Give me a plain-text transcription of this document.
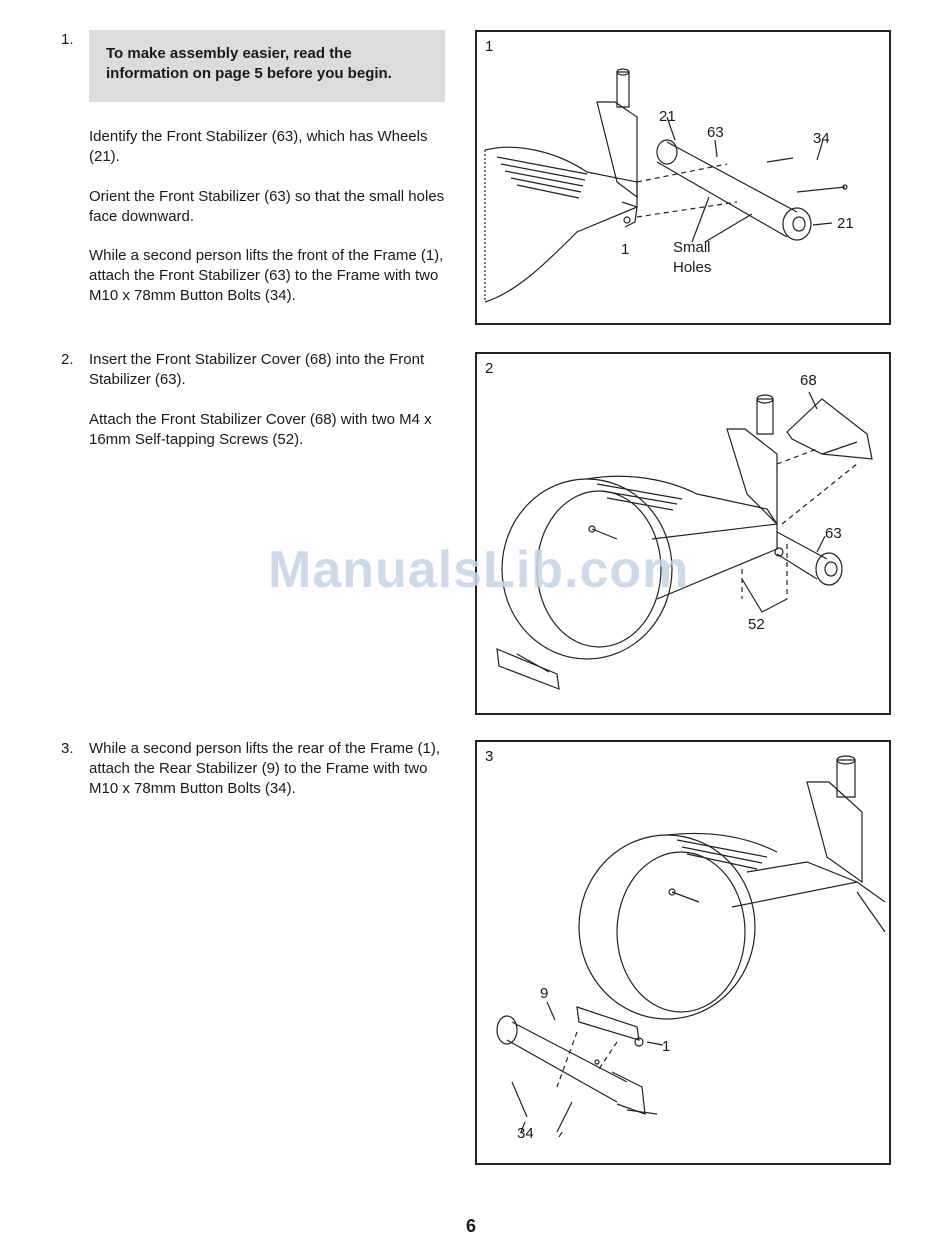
1.
To make assembly easier, read the information on page 5 before you begin.

Identify the Front Stabilizer (63), which has Wheels (21).

Orient the Front Stabilizer (63) so that the small holes face downward.

While a second person lifts the front of the Frame (1), attach the Front Stabilizer (63) to the Frame with two M10 x 78mm Button Bolts (34).

2. Insert the Front Stabilizer Cover (68) into the Front Stabilizer (63).

Attach the Front Stabilizer Cover (68) with two M4 x 16mm Self-tapping Screws (52).

3. While a second person lifts the rear of the Frame (1), attach the Rear Stabilizer (9) to the Frame with two M10 x 78mm Button Bolts (34).

1
21
63	34
21
1	Small
Holes
2
68
63
52
3
9
1
34
ManualsLib.com
6
